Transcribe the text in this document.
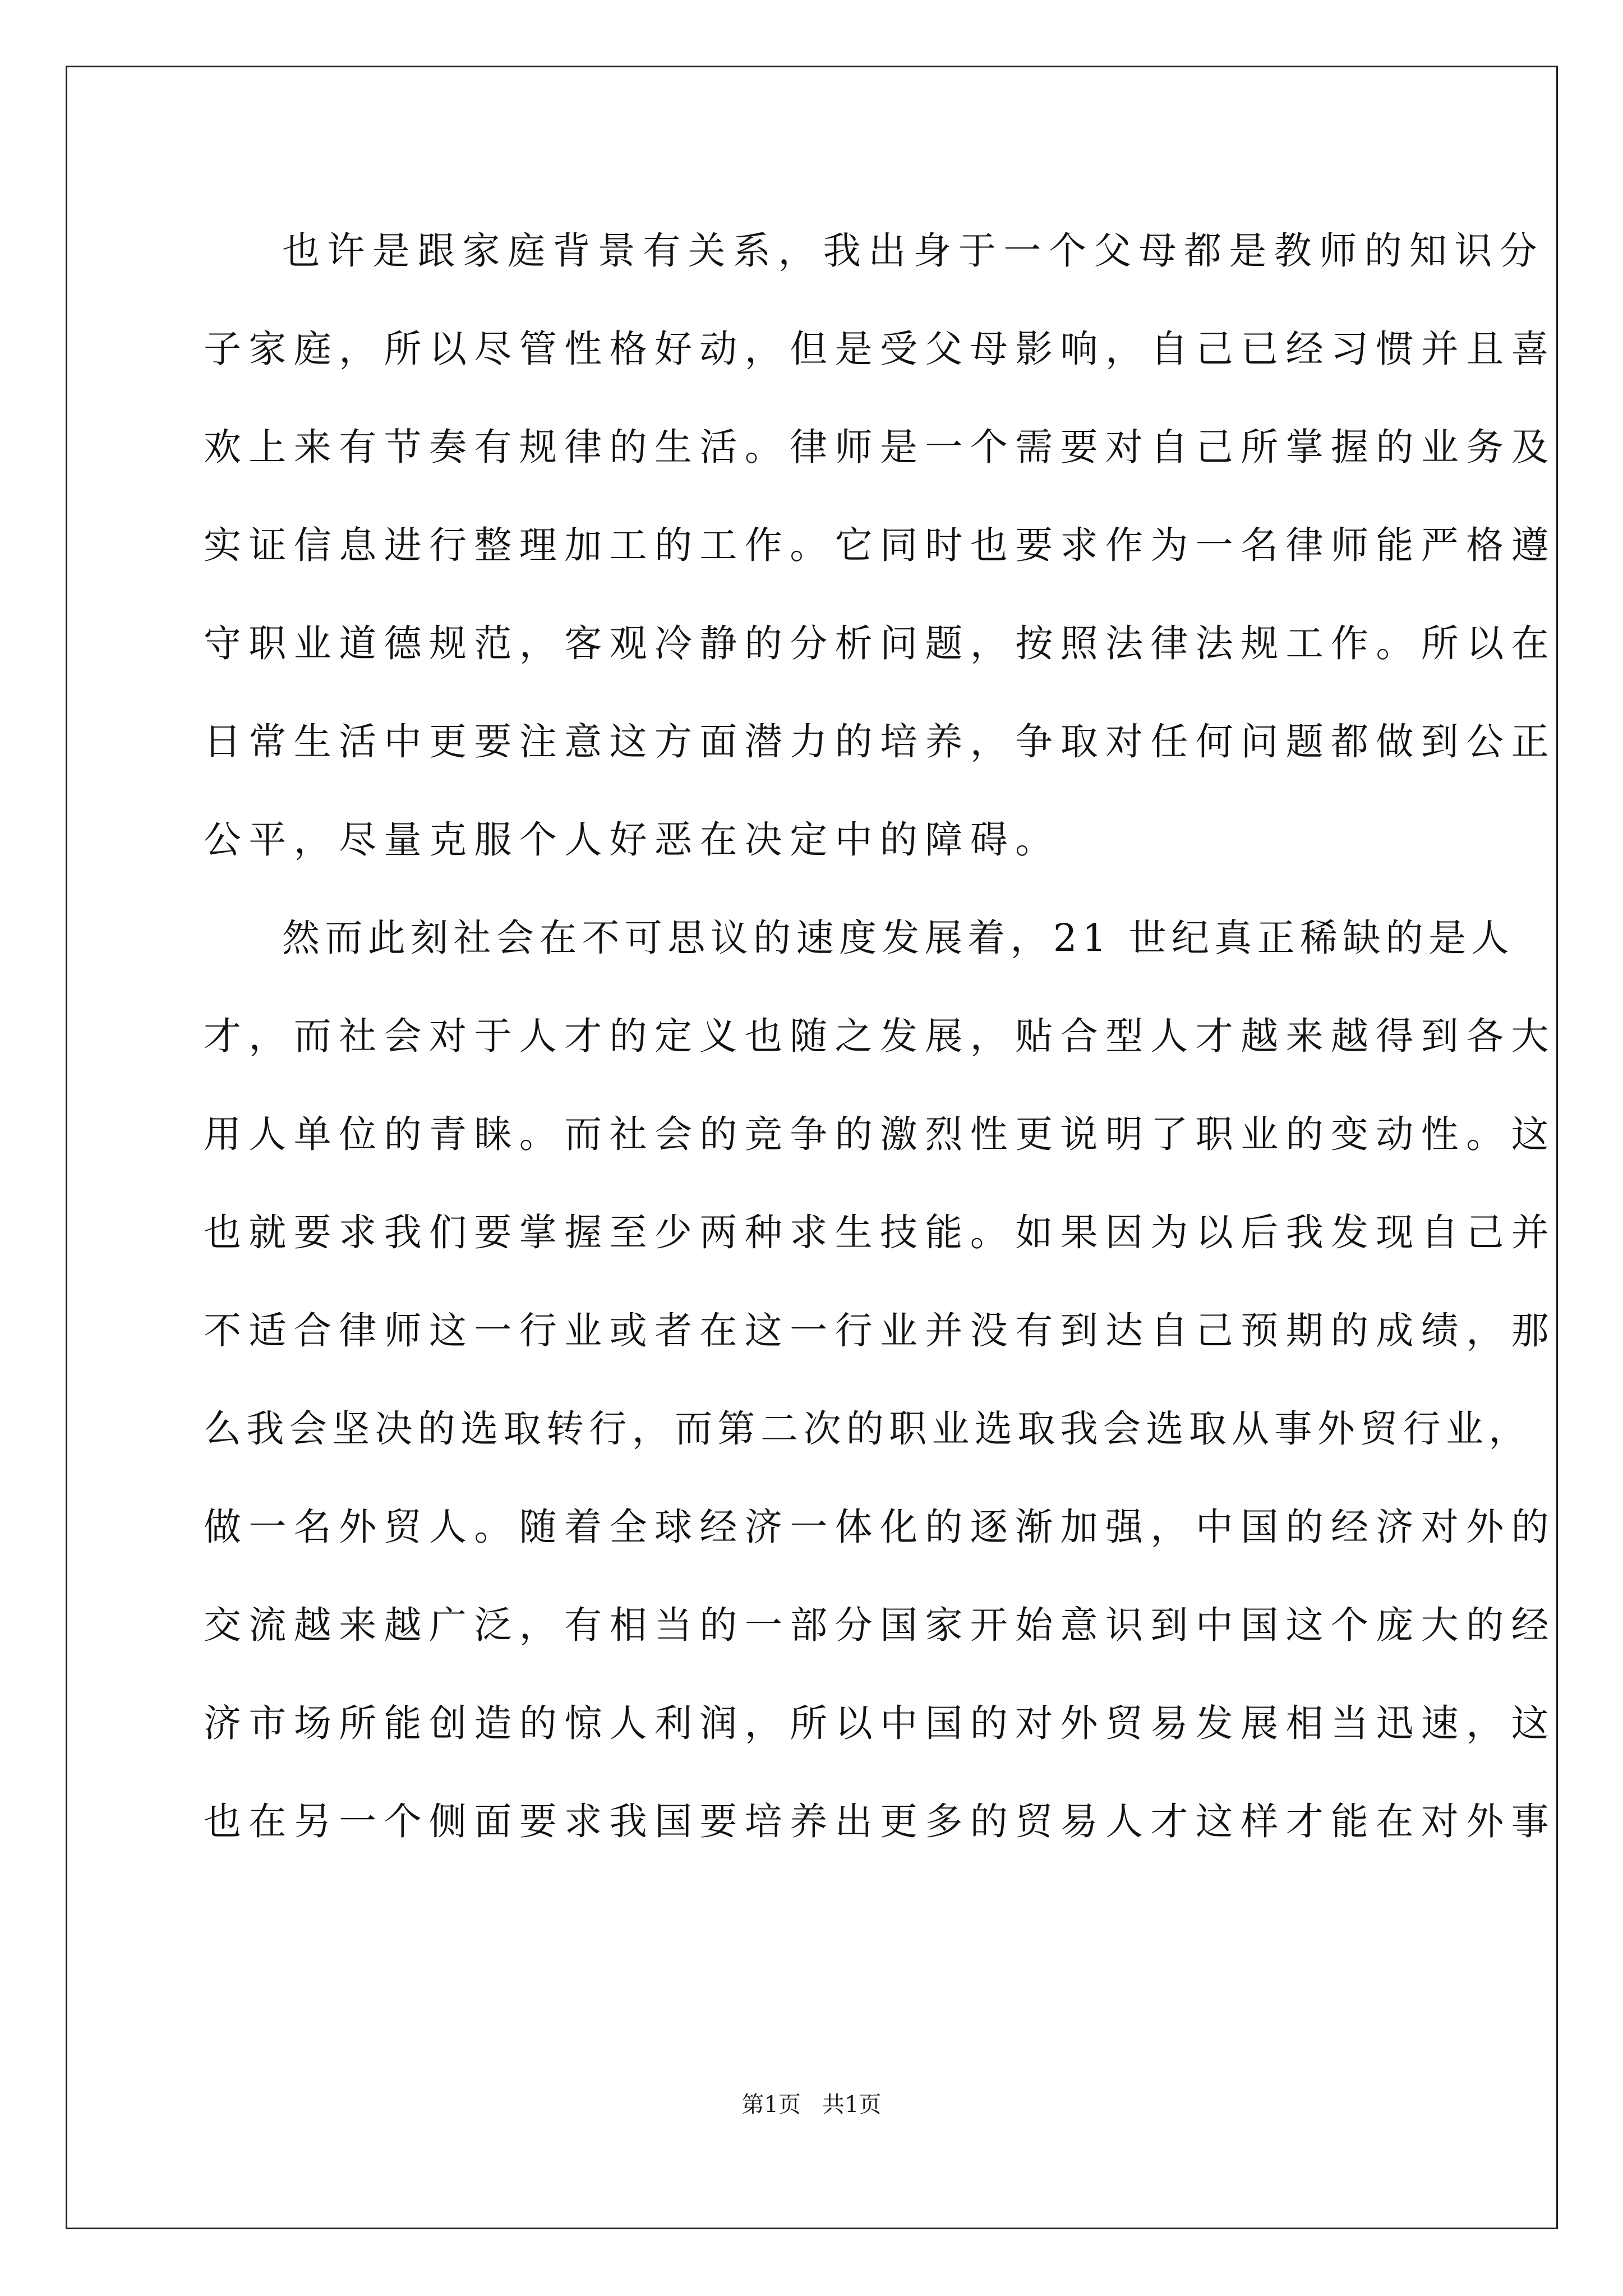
也许是跟家庭背景有关系，我出身于一个父母都是教师的知识分
子家庭，所以尽管性格好动，但是受父母影响，自己已经习惯并且喜
欢上来有节奏有规律的生活。律师是一个需要对自己所掌握的业务及
实证信息进行整理加工的工作。它同时也要求作为一名律师能严格遵
守职业道德规范，客观冷静的分析问题，按照法律法规工作。所以在
日常生活中更要注意这方面潜力的培养，争取对任何问题都做到公正
公平，尽量克服个人好恶在决定中的障碍。
然而此刻社会在不可思议的速度发展着，21 世纪真正稀缺的是人
才，而社会对于人才的定义也随之发展，贴合型人才越来越得到各大
用人单位的青睐。而社会的竞争的激烈性更说明了职业的变动性。这
也就要求我们要掌握至少两种求生技能。如果因为以后我发现自己并
不适合律师这一行业或者在这一行业并没有到达自己预期的成绩，那
么我会坚决的选取转行，而第二次的职业选取我会选取从事外贸行业，
做一名外贸人。随着全球经济一体化的逐渐加强，中国的经济对外的
交流越来越广泛，有相当的一部分国家开始意识到中国这个庞大的经
济市场所能创造的惊人利润，所以中国的对外贸易发展相当迅速，这
也在另一个侧面要求我国要培养出更多的贸易人才这样才能在对外事
第1页   共1页
